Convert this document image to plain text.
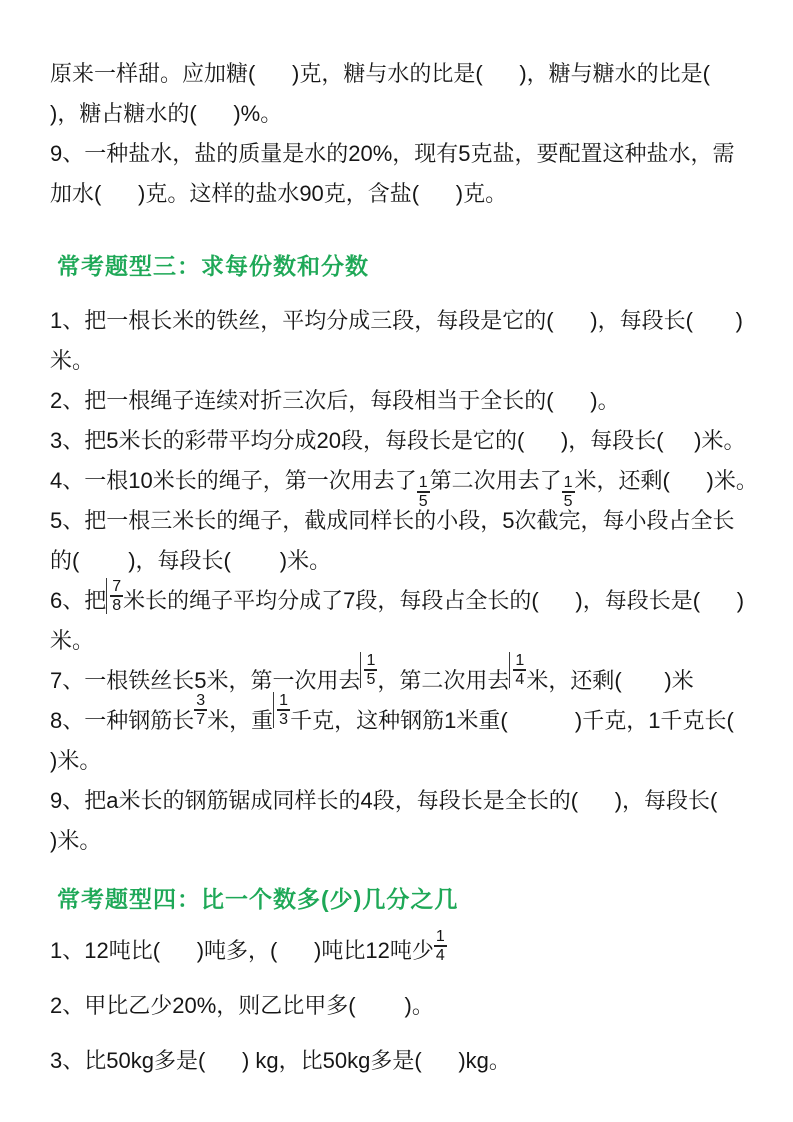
原来一样甜。应加糖(      )克，糖与水的比是(      )，糖与糖水的比是(
)，糖占糖水的(      )%。
9、一种盐水，盐的质量是水的20%，现有5克盐，要配置这种盐水，需
加水(      )克。这样的盐水90克，含盐(      )克。
常考题型三：求每份数和分数
1、把一根长米的铁丝，平均分成三段，每段是它的(      )，每段长(       )
米。
2、把一根绳子连续对折三次后，每段相当于全长的(      )。
3、把5米长的彩带平均分成20段，每段长是它的(      )，每段长(     )米。
4、一根10米长的绳子，第一次用去了 $\frac{1}{5}$ 第二次用去了 $\frac{1}{5}$ 米，还剩(      )米。
5、把一根三米长的绳子，截成同样长的小段，5次截完，每小段占全长
的(        )，每段长(        )米。
6、把 $\frac{7}{8}$ 米长的绳子平均分成了7段，每段占全长的(      )，每段长是(      )
米。
7、一根铁丝长5米，第一次用去 $\frac{1}{5}$ ，第二次用去 $\frac{1}{4}$ 米，还剩(       )米
8、一种钢筋长 $\frac{3}{7}$ 米，重 $\frac{1}{3}$ 千克，这种钢筋1米重(           )千克，1千克长(
)米。
9、把a米长的钢筋锯成同样长的4段，每段长是全长的(      )，每段长(
)米。
常考题型四：比一个数多(少)几分之几
1、12吨比(      )吨多，(      )吨比12吨少 $\frac{1}{4}$
2、甲比乙少20%，则乙比甲多(        )。
3、比50kg多是(      ) kg，比50kg多是(      )kg。
